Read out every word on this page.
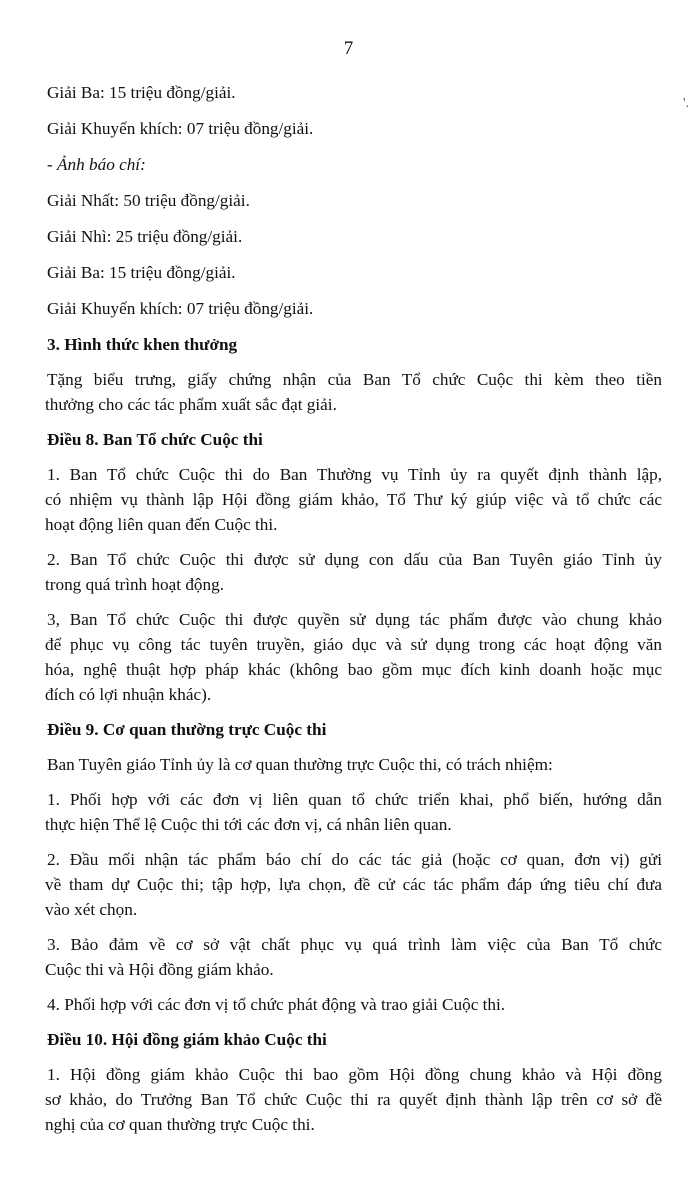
7
'.
Giải Ba: 15 triệu đồng/giải.
Giải Khuyến khích: 07 triệu đồng/giải.
- Ảnh báo chí:
Giải Nhất: 50 triệu đồng/giải.
Giải Nhì: 25 triệu đồng/giải.
Giải Ba: 15 triệu đồng/giải.
Giải Khuyến khích: 07 triệu đồng/giải.
3. Hình thức khen thưởng
Tặng biểu trưng, giấy chứng nhận của Ban Tổ chức Cuộc thi kèm theo tiền
thưởng cho các tác phẩm xuất sắc đạt giải.
Điều 8. Ban Tổ chức Cuộc thi
1. Ban Tổ chức Cuộc thi do Ban Thường vụ Tỉnh ủy ra quyết định thành lập,
có nhiệm vụ thành lập Hội đồng giám khảo, Tổ Thư ký giúp việc và tổ chức các
hoạt động liên quan đến Cuộc thi.
2. Ban Tổ chức Cuộc thi được sử dụng con dấu của Ban Tuyên giáo Tỉnh ủy
trong quá trình hoạt động.
3, Ban Tổ chức Cuộc thi được quyền sử dụng tác phẩm được vào chung khảo
để phục vụ công tác tuyên truyền, giáo dục và sử dụng trong các hoạt động văn
hóa, nghệ thuật hợp pháp khác (không bao gồm mục đích kinh doanh hoặc mục
đích có lợi nhuận khác).
Điều 9. Cơ quan thường trực Cuộc thi
Ban Tuyên giáo Tỉnh ủy là cơ quan thường trực Cuộc thi, có trách nhiệm:
1. Phối hợp với các đơn vị liên quan tổ chức triển khai, phổ biến, hướng dẫn
thực hiện Thể lệ Cuộc thi tới các đơn vị, cá nhân liên quan.
2. Đầu mối nhận tác phẩm báo chí do các tác giả (hoặc cơ quan, đơn vị) gửi
về tham dự Cuộc thi; tập hợp, lựa chọn, đề cử các tác phẩm đáp ứng tiêu chí đưa
vào xét chọn.
3. Bảo đảm về cơ sở vật chất phục vụ quá trình làm việc của Ban Tổ chức
Cuộc thi và Hội đồng giám khảo.
4. Phối hợp với các đơn vị tổ chức phát động và trao giải Cuộc thi.
Điều 10. Hội đồng giám khảo Cuộc thi
1. Hội đồng giám khảo Cuộc thi bao gồm Hội đồng chung khảo và Hội đồng
sơ khảo, do Trưởng Ban Tổ chức Cuộc thi ra quyết định thành lập trên cơ sở đề
nghị của cơ quan thường trực Cuộc thi.
